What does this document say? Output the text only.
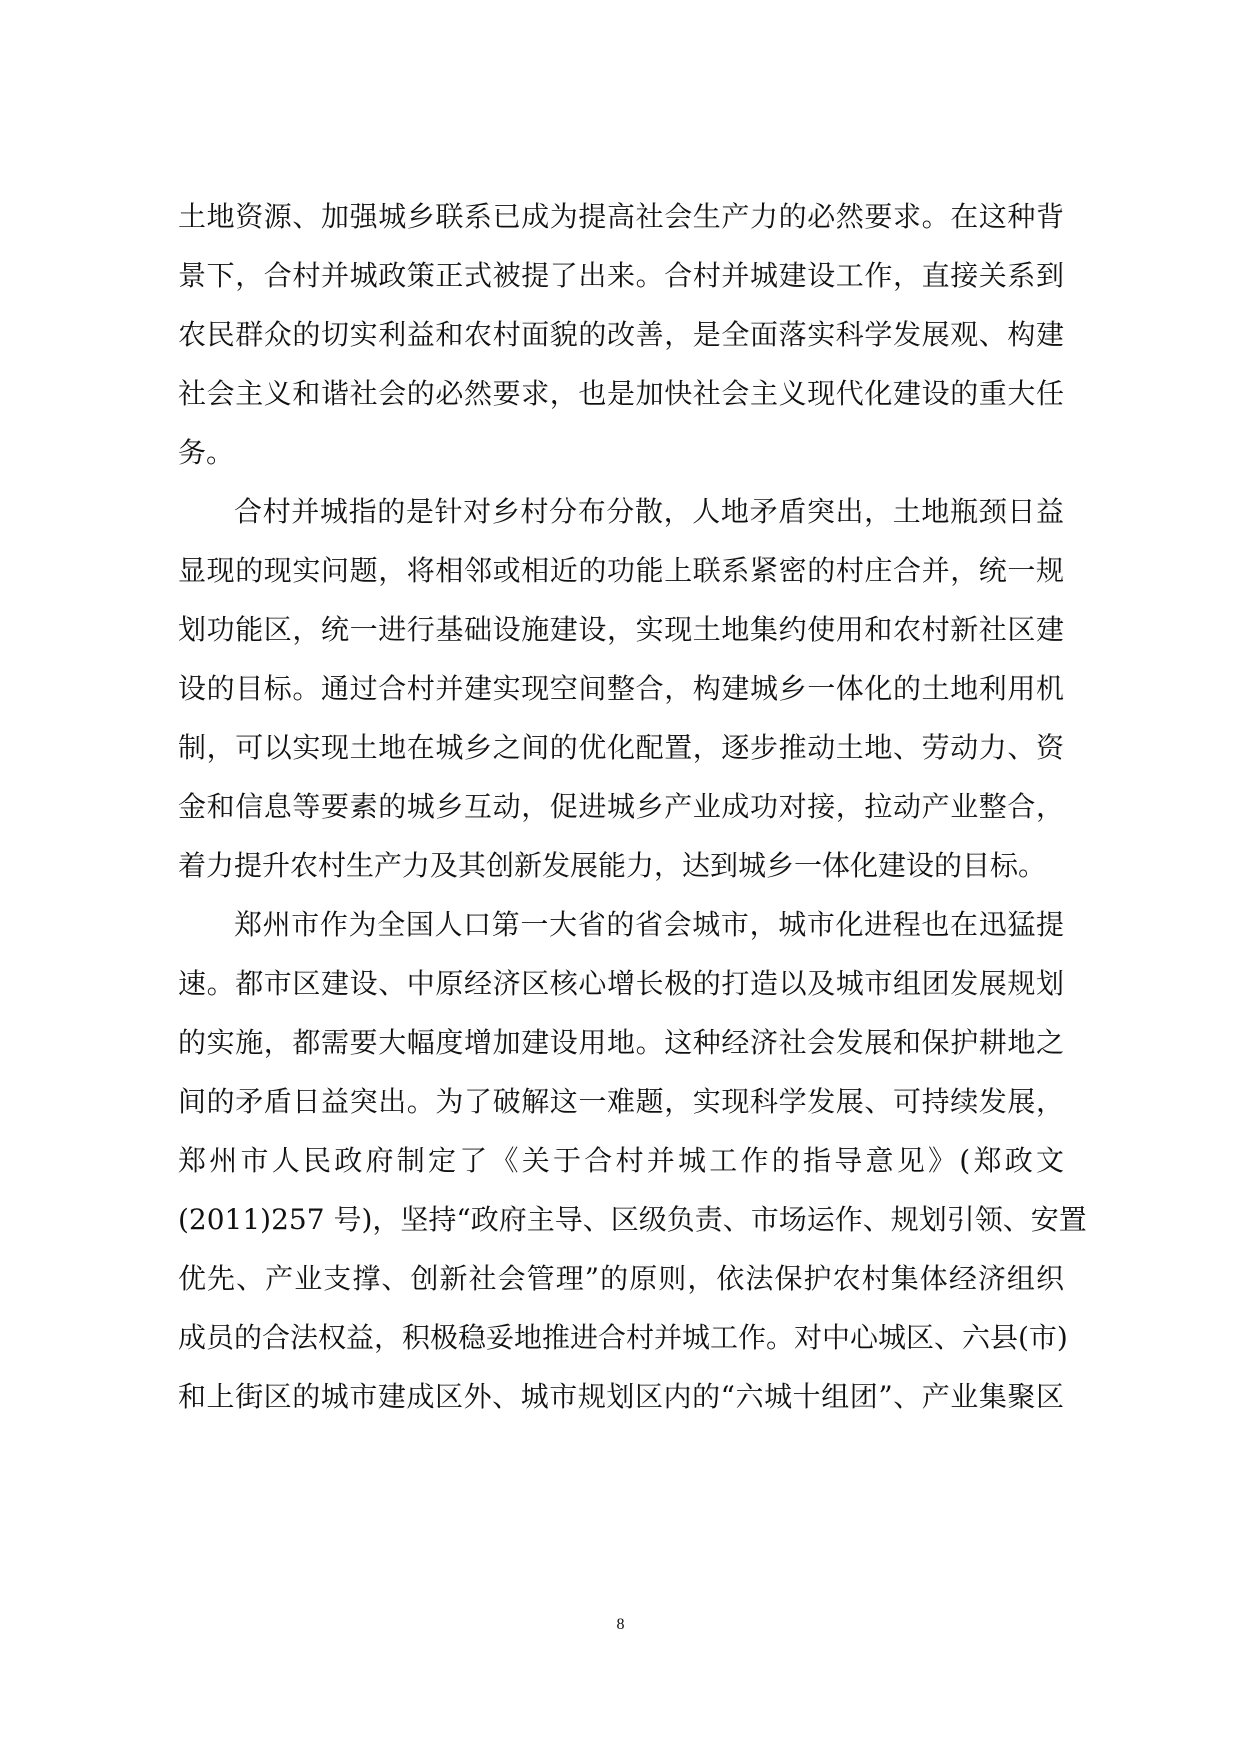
土地资源、加强城乡联系已成为提高社会生产力的必然要求。在这种背
景下，合村并城政策正式被提了出来。合村并城建设工作，直接关系到
农民群众的切实利益和农村面貌的改善，是全面落实科学发展观、构建
社会主义和谐社会的必然要求，也是加快社会主义现代化建设的重大任
务。
合村并城指的是针对乡村分布分散，人地矛盾突出，土地瓶颈日益
显现的现实问题，将相邻或相近的功能上联系紧密的村庄合并，统一规
划功能区，统一进行基础设施建设，实现土地集约使用和农村新社区建
设的目标。通过合村并建实现空间整合，构建城乡一体化的土地利用机
制，可以实现土地在城乡之间的优化配置，逐步推动土地、劳动力、资
金和信息等要素的城乡互动，促进城乡产业成功对接，拉动产业整合，
着力提升农村生产力及其创新发展能力，达到城乡一体化建设的目标。
郑州市作为全国人口第一大省的省会城市，城市化进程也在迅猛提
速。都市区建设、中原经济区核心增长极的打造以及城市组团发展规划
的实施，都需要大幅度增加建设用地。这种经济社会发展和保护耕地之
间的矛盾日益突出。为了破解这一难题，实现科学发展、可持续发展，
郑州市人民政府制定了《关于合村并城工作的指导意见》(郑政文
(2011)257 号)，坚持“政府主导、区级负责、市场运作、规划引领、安置
优先、产业支撑、创新社会管理”的原则，依法保护农村集体经济组织
成员的合法权益，积极稳妥地推进合村并城工作。对中心城区、六县(市)
和上街区的城市建成区外、城市规划区内的“六城十组团”、产业集聚区
8
